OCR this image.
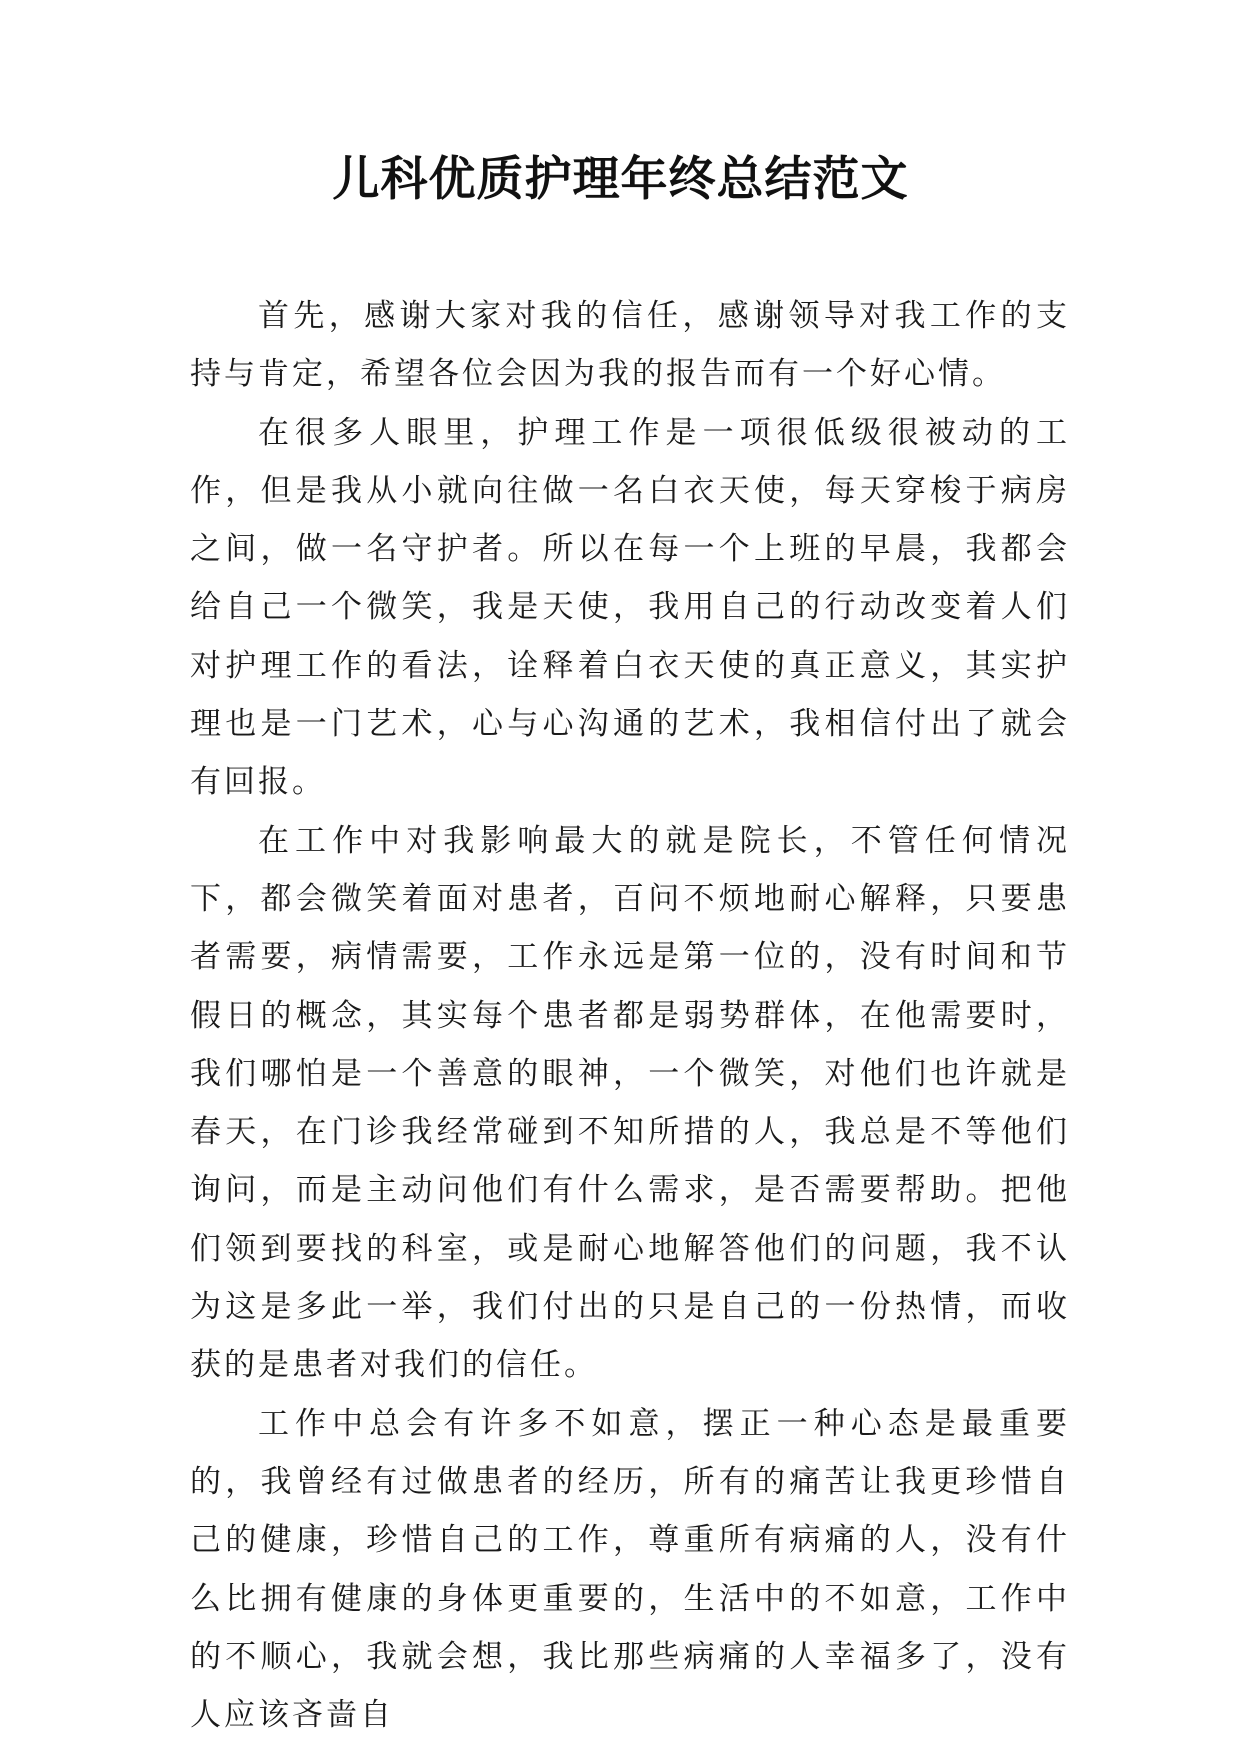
儿科优质护理年终总结范文

首先，感谢大家对我的信任，感谢领导对我工作的支持与肯定，希望各位会因为我的报告而有一个好心情。

在很多人眼里，护理工作是一项很低级很被动的工作，但是我从小就向往做一名白衣天使，每天穿梭于病房之间，做一名守护者。所以在每一个上班的早晨，我都会给自己一个微笑，我是天使，我用自己的行动改变着人们对护理工作的看法，诠释着白衣天使的真正意义，其实护理也是一门艺术，心与心沟通的艺术，我相信付出了就会有回报。

在工作中对我影响最大的就是院长，不管任何情况下，都会微笑着面对患者，百问不烦地耐心解释，只要患者需要，病情需要，工作永远是第一位的，没有时间和节假日的概念，其实每个患者都是弱势群体，在他需要时，我们哪怕是一个善意的眼神，一个微笑，对他们也许就是春天，在门诊我经常碰到不知所措的人，我总是不等他们询问，而是主动问他们有什么需求，是否需要帮助。把他们领到要找的科室，或是耐心地解答他们的问题，我不认为这是多此一举，我们付出的只是自己的一份热情，而收获的是患者对我们的信任。

工作中总会有许多不如意，摆正一种心态是最重要的，我曾经有过做患者的经历，所有的痛苦让我更珍惜自己的健康，珍惜自己的工作，尊重所有病痛的人，没有什么比拥有健康的身体更重要的，生活中的不如意，工作中的不顺心，我就会想，我比那些病痛的人幸福多了，没有人应该吝啬自
